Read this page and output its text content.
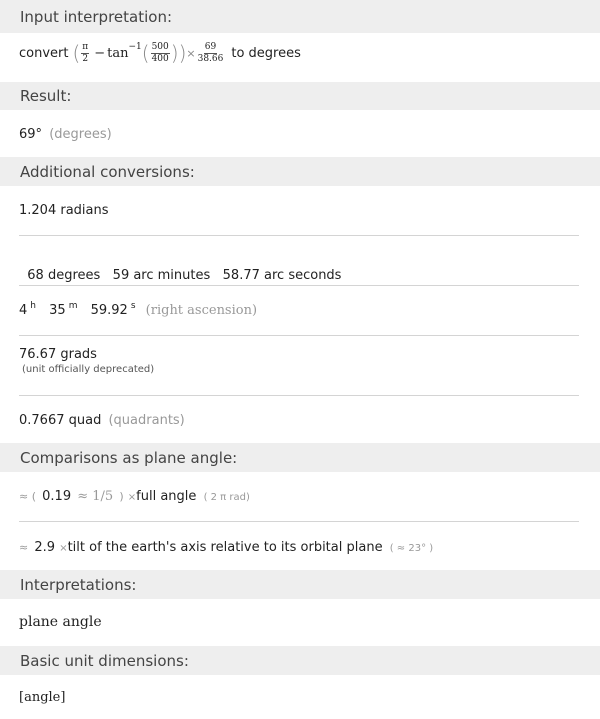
Input interpretation:
convert ( $\frac{\pi}{2} - \tan -1$ ( $\frac{500}{400}$ ) ) × $\frac{69}{38.66}$ to degrees
Result:
69° (degrees)
Additional conversions:
1.204 radians

68 degrees   59 arc minutes   58.77 arc seconds

4 $^h$ 35 $^m$ 59.92 $^s$ (right ascension)
76.67 grads
(unit officially deprecated)
0.7667 quad (quadrants)
Comparisons as plane angle:
≈ ( 0.19 ≈ 1/5 ) ×full angle ( 2 π rad)
≈ 2.9 ×tilt of the earth's axis relative to its orbital plane ( ≈ 23° )
Interpretations:
plane angle
Basic unit dimensions:
[angle]
